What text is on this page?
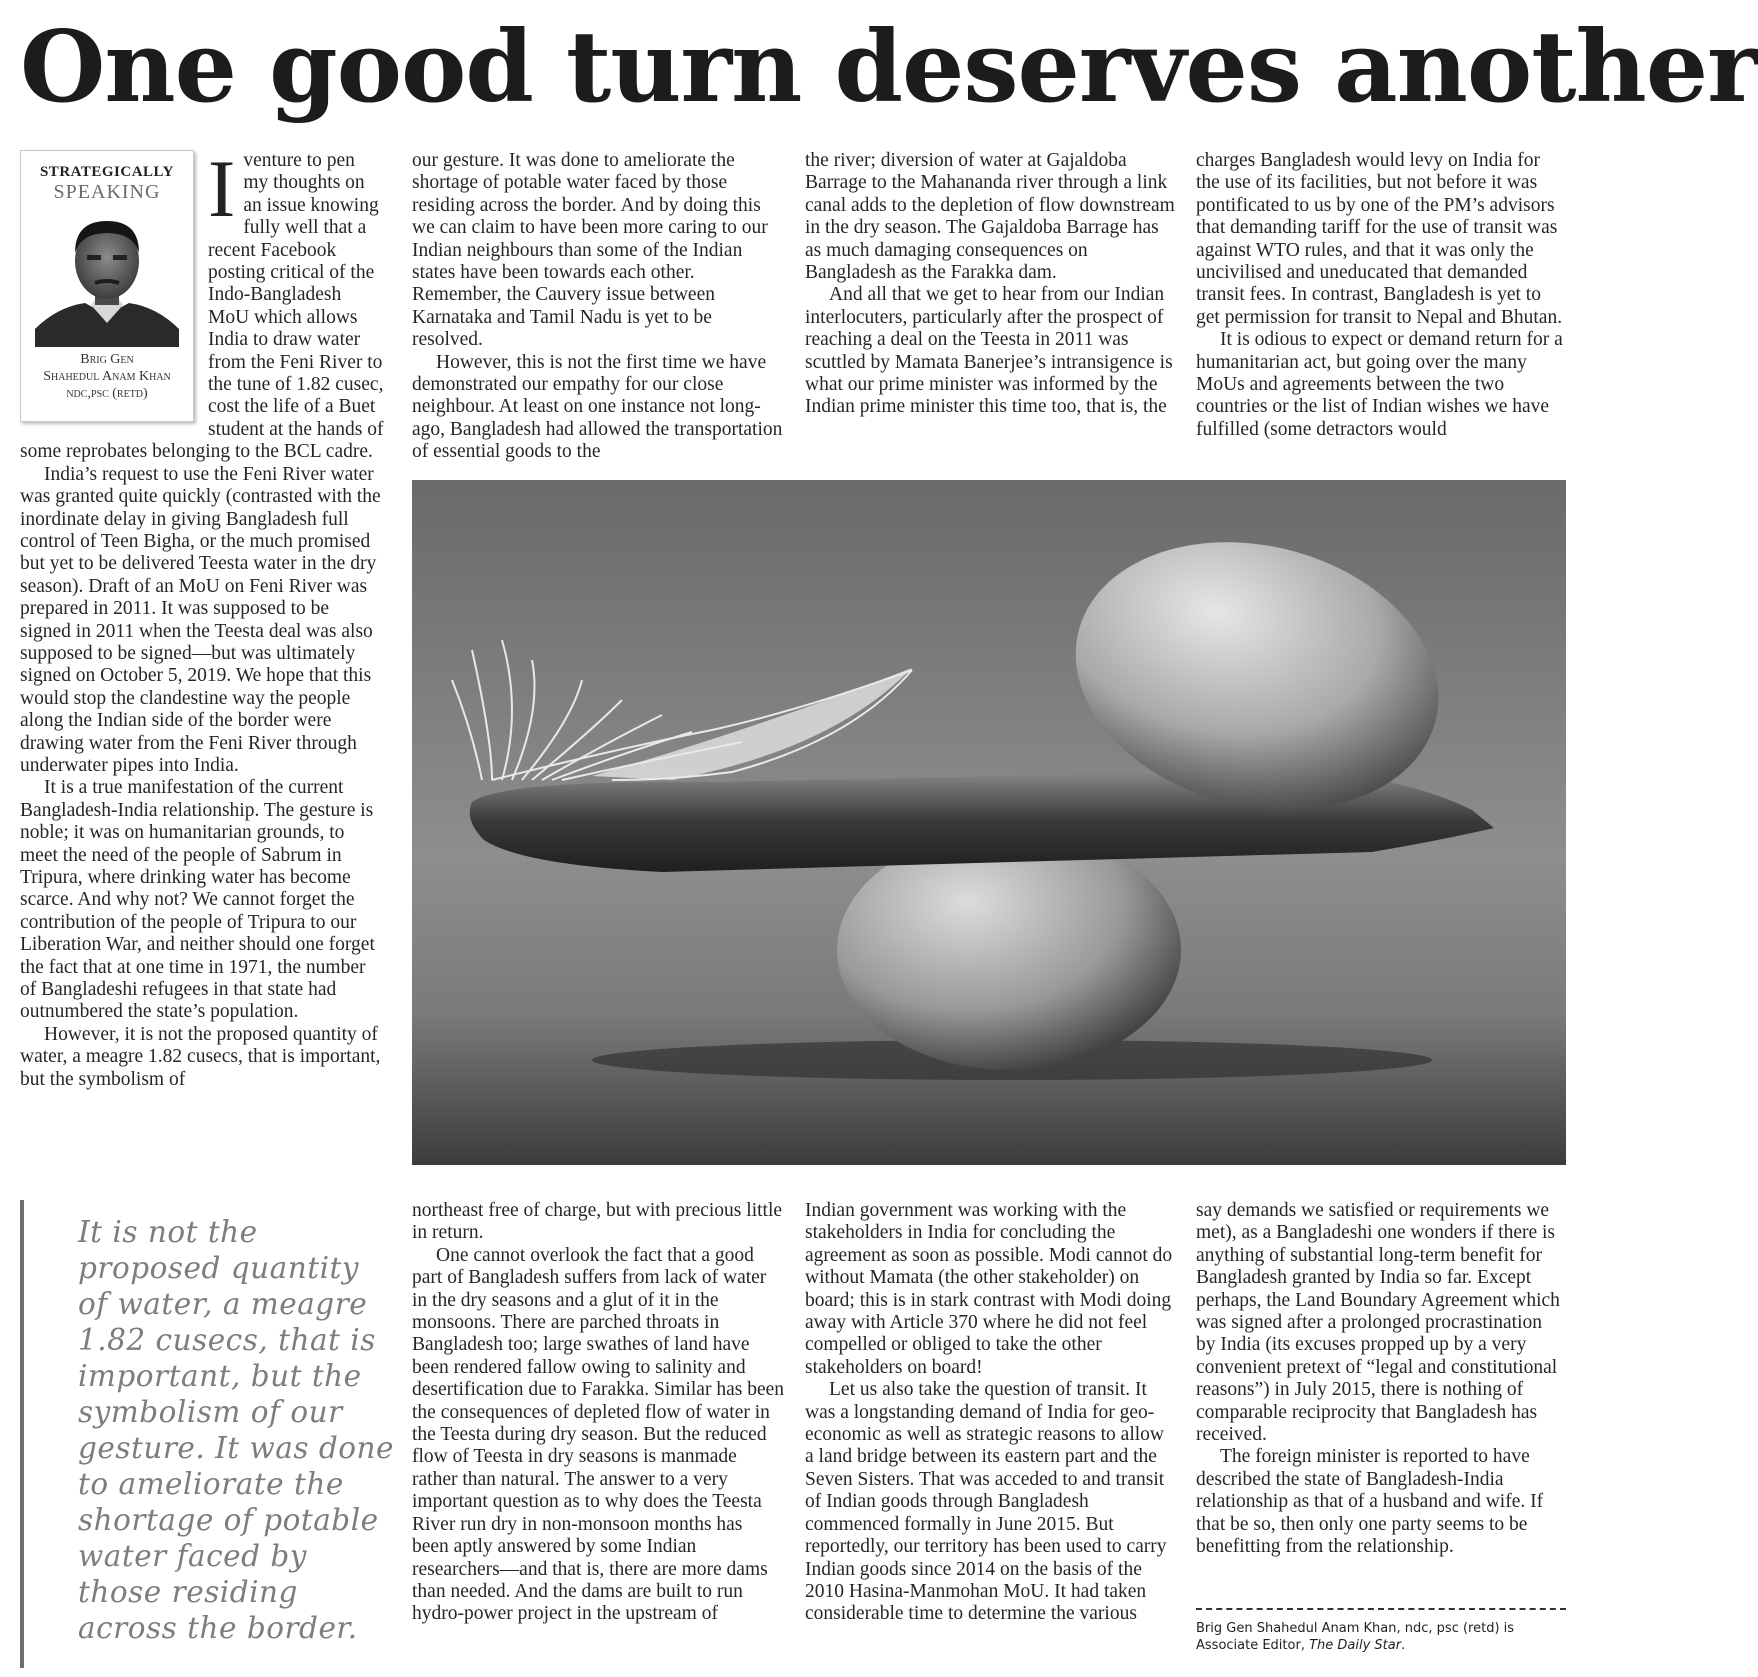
One good turn deserves another
STRATEGICALLY
SPEAKING
Brig Gen
Shahedul Anam Khan
ndc,psc (retd)
I venture to pen my thoughts on an issue knowing fully well that a recent Facebook posting critical of the Indo-Bangladesh MoU which allows India to draw water from the Feni River to the tune of 1.82 cusec, cost the life of a Buet student at the hands of some reprobates belonging to the BCL cadre.

India’s request to use the Feni River water was granted quite quickly (contrasted with the inordinate delay in giving Bangladesh full control of Teen Bigha, or the much promised but yet to be delivered Teesta water in the dry season). Draft of an MoU on Feni River was prepared in 2011. It was supposed to be signed in 2011 when the Teesta deal was also supposed to be signed—but was ultimately signed on October 5, 2019. We hope that this would stop the clandestine way the people along the Indian side of the border were drawing water from the Feni River through underwater pipes into India.

It is a true manifestation of the current Bangladesh-India relationship. The gesture is noble; it was on humanitarian grounds, to meet the need of the people of Sabrum in Tripura, where drinking water has become scarce. And why not? We cannot forget the contribution of the people of Tripura to our Liberation War, and neither should one forget the fact that at one time in 1971, the number of Bangladeshi refugees in that state had outnumbered the state’s population.

However, it is not the proposed quantity of water, a meagre 1.82 cusecs, that is important, but the symbolism of

our gesture. It was done to ameliorate the shortage of potable water faced by those residing across the border. And by doing this we can claim to have been more caring to our Indian neighbours than some of the Indian states have been towards each other. Remember, the Cauvery issue between Karnataka and Tamil Nadu is yet to be resolved.

However, this is not the first time we have demonstrated our empathy for our close neighbour. At least on one instance not long-ago, Bangladesh had allowed the transportation of essential goods to the

the river; diversion of water at Gajaldoba Barrage to the Mahananda river through a link canal adds to the depletion of flow downstream in the dry season. The Gajaldoba Barrage has as much damaging consequences on Bangladesh as the Farakka dam.

And all that we get to hear from our Indian interlocuters, particularly after the prospect of reaching a deal on the Teesta in 2011 was scuttled by Mamata Banerjee’s intransigence is what our prime minister was informed by the Indian prime minister this time too, that is, the

charges Bangladesh would levy on India for the use of its facilities, but not before it was pontificated to us by one of the PM’s advisors that demanding tariff for the use of transit was against WTO rules, and that it was only the uncivilised and uneducated that demanded transit fees. In contrast, Bangladesh is yet to get permission for transit to Nepal and Bhutan.

It is odious to expect or demand return for a humanitarian act, but going over the many MoUs and agreements between the two countries or the list of Indian wishes we have fulfilled (some detractors would

It is not the proposed quantity of water, a meagre 1.82 cusecs, that is important, but the symbolism of our gesture. It was done to ameliorate the shortage of potable water faced by those residing across the border.

northeast free of charge, but with precious little in return.

One cannot overlook the fact that a good part of Bangladesh suffers from lack of water in the dry seasons and a glut of it in the monsoons. There are parched throats in Bangladesh too; large swathes of land have been rendered fallow owing to salinity and desertification due to Farakka. Similar has been the consequences of depleted flow of water in the Teesta during dry season. But the reduced flow of Teesta in dry seasons is manmade rather than natural. The answer to a very important question as to why does the Teesta River run dry in non-monsoon months has been aptly answered by some Indian researchers—and that is, there are more dams than needed. And the dams are built to run hydro-power project in the upstream of

Indian government was working with the stakeholders in India for concluding the agreement as soon as possible. Modi cannot do without Mamata (the other stakeholder) on board; this is in stark contrast with Modi doing away with Article 370 where he did not feel compelled or obliged to take the other stakeholders on board!

Let us also take the question of transit. It was a longstanding demand of India for geo-economic as well as strategic reasons to allow a land bridge between its eastern part and the Seven Sisters. That was acceded to and transit of Indian goods through Bangladesh commenced formally in June 2015. But reportedly, our territory has been used to carry Indian goods since 2014 on the basis of the 2010 Hasina-Manmohan MoU. It had taken considerable time to determine the various

say demands we satisfied or requirements we met), as a Bangladeshi one wonders if there is anything of substantial long-term benefit for Bangladesh granted by India so far. Except perhaps, the Land Boundary Agreement which was signed after a prolonged procrastination by India (its excuses propped up by a very convenient pretext of “legal and constitutional reasons”) in July 2015, there is nothing of comparable reciprocity that Bangladesh has received.

The foreign minister is reported to have described the state of Bangladesh-India relationship as that of a husband and wife. If that be so, then only one party seems to be benefitting from the relationship.

Brig Gen Shahedul Anam Khan, ndc, psc (retd) is Associate Editor, The Daily Star.
